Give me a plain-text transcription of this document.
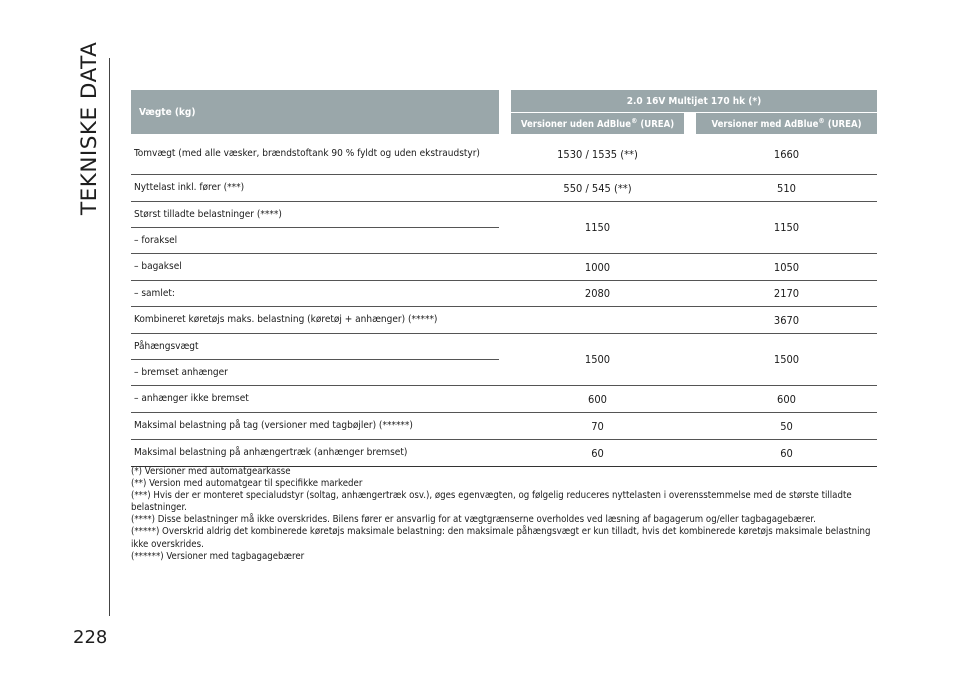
TEKNISKE DATA	Vægte (kg)		2.0 16V Multijet 170 hk (*)		
		Versioner uden AdBlue® (UREA)		Versioner med AdBlue® (UREA)
Tomvægt (med alle væsker, brændstoftank 90 % fyldt og uden ekstraudstyr)		1530 / 1535 (**)		1660
Nyttelast inkl. fører (***)		550 / 545 (**)		510
Størst tilladte belastninger (****)		1150		1150
– foraksel				
– bagaksel		1000		1050
– samlet:		2080		2170
Kombineret køretøjs maks. belastning (køretøj + anhænger) (*****)				3670
Påhængsvægt		1500		1500
– bremset anhænger				
– anhænger ikke bremset		600		600
Maksimal belastning på tag (versioner med tagbøjler) (******)		70		50
Maksimal belastning på anhængertræk (anhænger bremset)		60		60
(*) Versioner med automatgearkasse
(**) Version med automatgear til specifikke markeder
(***) Hvis der er monteret specialudstyr (soltag, anhængertræk osv.), øges egenvægten, og følgelig reduceres nyttelasten i overensstemmelse med de største tilladte belastninger.
(****) Disse belastninger må ikke overskrides. Bilens fører er ansvarlig for at vægtgrænserne overholdes ved læsning af bagagerum og/eller tagbagagebærer.
(*****) Overskrid aldrig det kombinerede køretøjs maksimale belastning: den maksimale påhængsvægt er kun tilladt, hvis det kombinerede køretøjs maksimale belastning ikke overskrides.
(******) Versioner med tagbagagebærer
228
